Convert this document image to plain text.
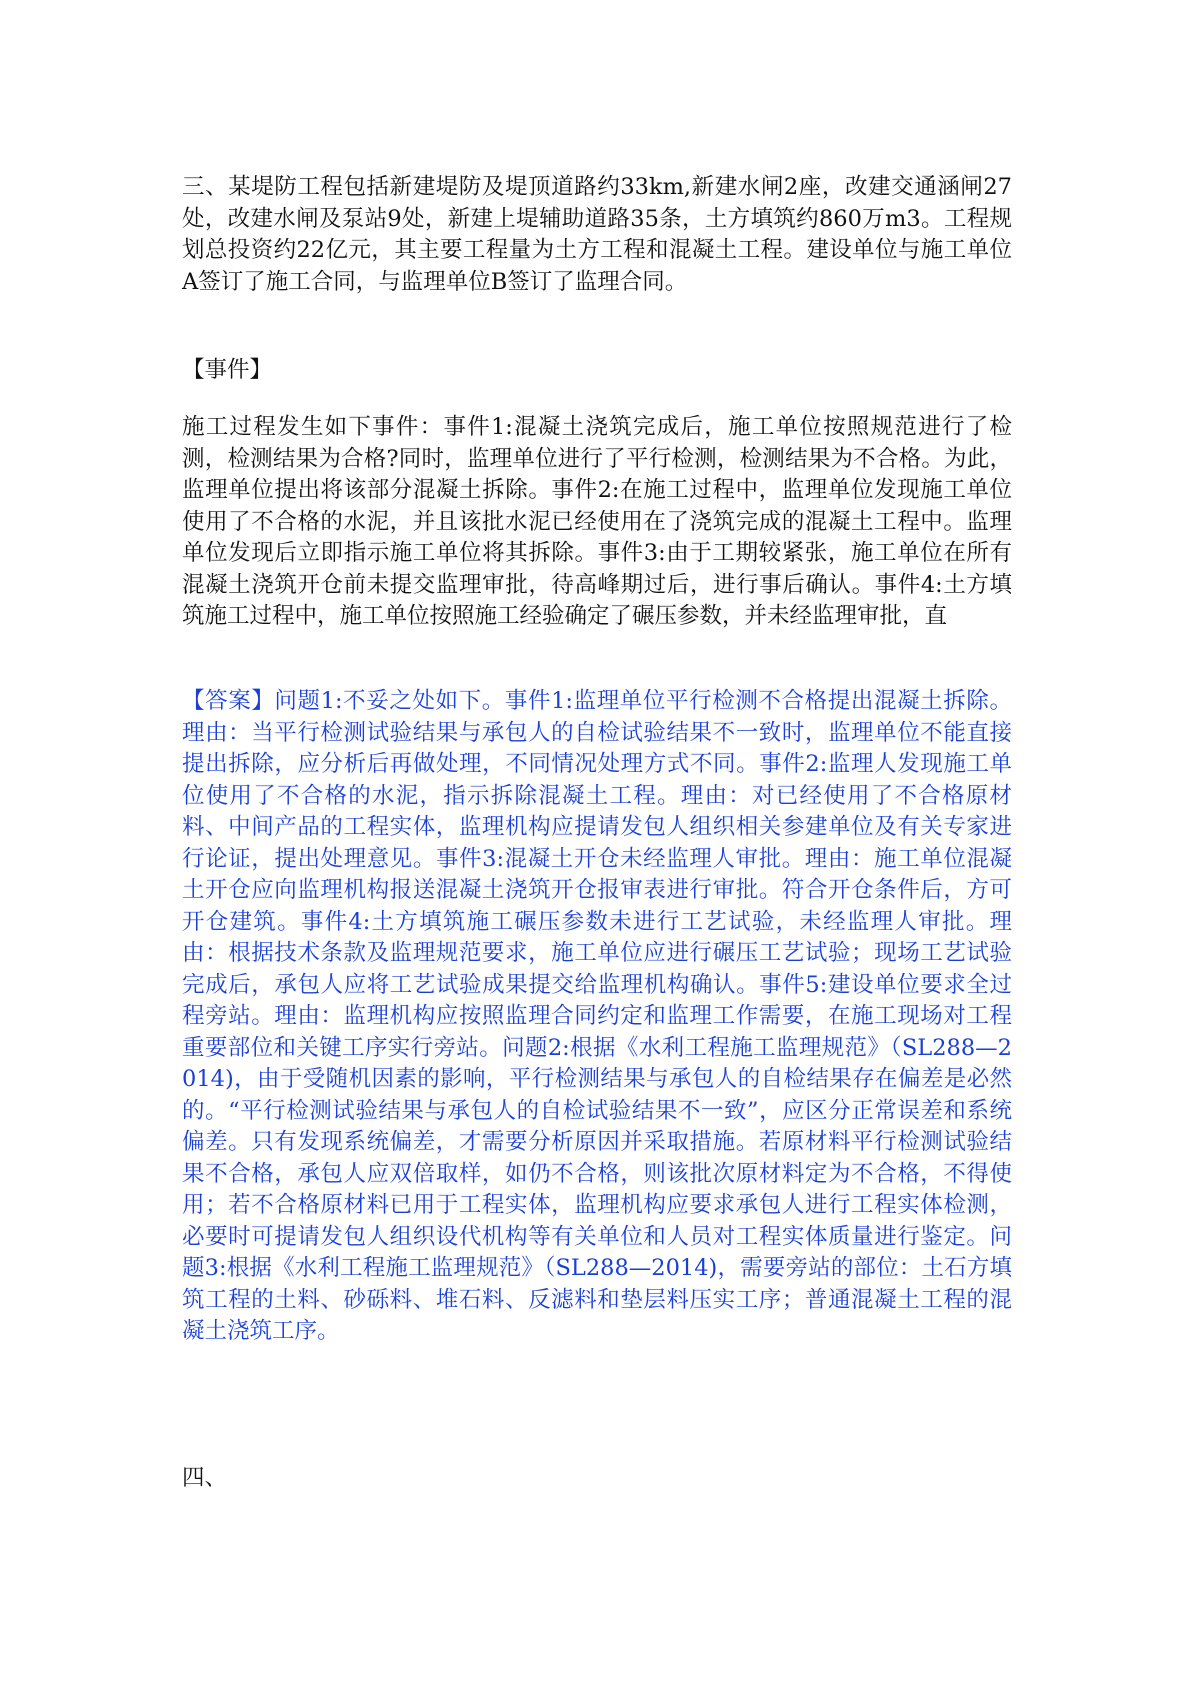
三、某堤防工程包括新建堤防及堤顶道路约33km,新建水闸2座，改建交通涵闸27处，改建水闸及泵站9处，新建上堤辅助道路35条，土方填筑约860万m3。工程规划总投资约22亿元，其主要工程量为土方工程和混凝土工程。建设单位与施工单位A签订了施工合同，与监理单位B签订了监理合同。

【事件】

施工过程发生如下事件：事件1:混凝土浇筑完成后，施工单位按照规范进行了检测，检测结果为合格?同时，监理单位进行了平行检测，检测结果为不合格。为此，监理单位提出将该部分混凝土拆除。事件2:在施工过程中，监理单位发现施工单位使用了不合格的水泥，并且该批水泥已经使用在了浇筑完成的混凝土工程中。监理单位发现后立即指示施工单位将其拆除。事件3:由于工期较紧张，施工单位在所有混凝土浇筑开仓前未提交监理审批，待高峰期过后，进行事后确认。事件4:土方填筑施工过程中，施工单位按照施工经验确定了碾压参数，并未经监理审批，直

【答案】问题1:不妥之处如下。事件1:监理单位平行检测不合格提出混凝土拆除。理由：当平行检测试验结果与承包人的自检试验结果不一致时，监理单位不能直接提出拆除，应分析后再做处理，不同情况处理方式不同。事件2:监理人发现施工单位使用了不合格的水泥，指示拆除混凝土工程。理由：对已经使用了不合格原材料、中间产品的工程实体，监理机构应提请发包人组织相关参建单位及有关专家进行论证，提出处理意见。事件3:混凝土开仓未经监理人审批。理由：施工单位混凝土开仓应向监理机构报送混凝土浇筑开仓报审表进行审批。符合开仓条件后，方可开仓建筑。事件4:土方填筑施工碾压参数未进行工艺试验，未经监理人审批。理由：根据技术条款及监理规范要求，施工单位应进行碾压工艺试验；现场工艺试验完成后，承包人应将工艺试验成果提交给监理机构确认。事件5:建设单位要求全过程旁站。理由：监理机构应按照监理合同约定和监理工作需要，在施工现场对工程重要部位和关键工序实行旁站。问题2:根据《水利工程施工监理规范》（SL288—2014)，由于受随机因素的影响，平行检测结果与承包人的自检结果存在偏差是必然的。“平行检测试验结果与承包人的自检试验结果不一致”，应区分正常误差和系统偏差。只有发现系统偏差，才需要分析原因并采取措施。若原材料平行检测试验结果不合格，承包人应双倍取样，如仍不合格，则该批次原材料定为不合格，不得使用；若不合格原材料已用于工程实体，监理机构应要求承包人进行工程实体检测，必要时可提请发包人组织设代机构等有关单位和人员对工程实体质量进行鉴定。问题3:根据《水利工程施工监理规范》（SL288—2014)，需要旁站的部位：土石方填筑工程的土料、砂砾料、堆石料、反滤料和垫层料压实工序；普通混凝土工程的混凝土浇筑工序。

四、
